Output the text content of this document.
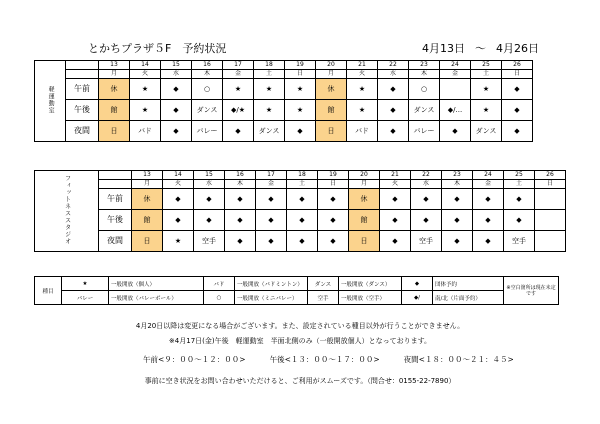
とかちプラザ５F　予約状況	4月13日 〜 4月26日
軽運動室		13	14	15	16	17	18	19	20	21	22	23	24	25	26
		月	火	水	木	金	土	日	月	火	水	木	金	土	日
	午前	休	★	◆	○	★	★	★	休	★	◆	○		★	◆
	午後	館	★	◆	ダンス	◆/★	★	★	館	★	◆	ダンス	◆/...	★	◆
	夜間	日	バド	◆	バレー	◆	ダンス	◆	日	バド	◆	バレー	◆	ダンス	◆
フィットネススタジオ		13	14	15	16	17	18	19	20	21	22	23	24	25	26
		月	火	水	木	金	土	日	月	火	水	木	金	土	日
	午前	休	◆	◆	◆	◆	◆	◆	休	◆	◆	◆	◆	◆	
	午後	館	◆	◆	◆	◆	◆	◆	館	◆	◆	◆	◆	◆	
	夜間	日	★	空手	◆	◆	◆	◆	日	◆	空手	◆	◆	空手	
種目	★	一般開放（個人）	バド	一般開放（バドミントン）	ダンス	一般開放（ダンス）	◆	団体予約	※空白箇所は現在未定です
	バレー	一般開放（バレーボール）	○	一般開放（ミニバレー）	空手	一般開放（空手）	◆/	南/北（片面予約）	
4月20日以降は変更になる場合がございます。また、設定されている種目以外が行うことができません。
※4月17日(金)午後　軽運動室　半面北側のみ（一般開放個人）となっております。
午前<９：００～１２：００>	午後<１３：００～１７：００>	夜間<１８：００～２１：４５>
事前に空き状況をお問い合わせいただけると、ご利用がスムーズです。（問合せ：0155-22-7890）
